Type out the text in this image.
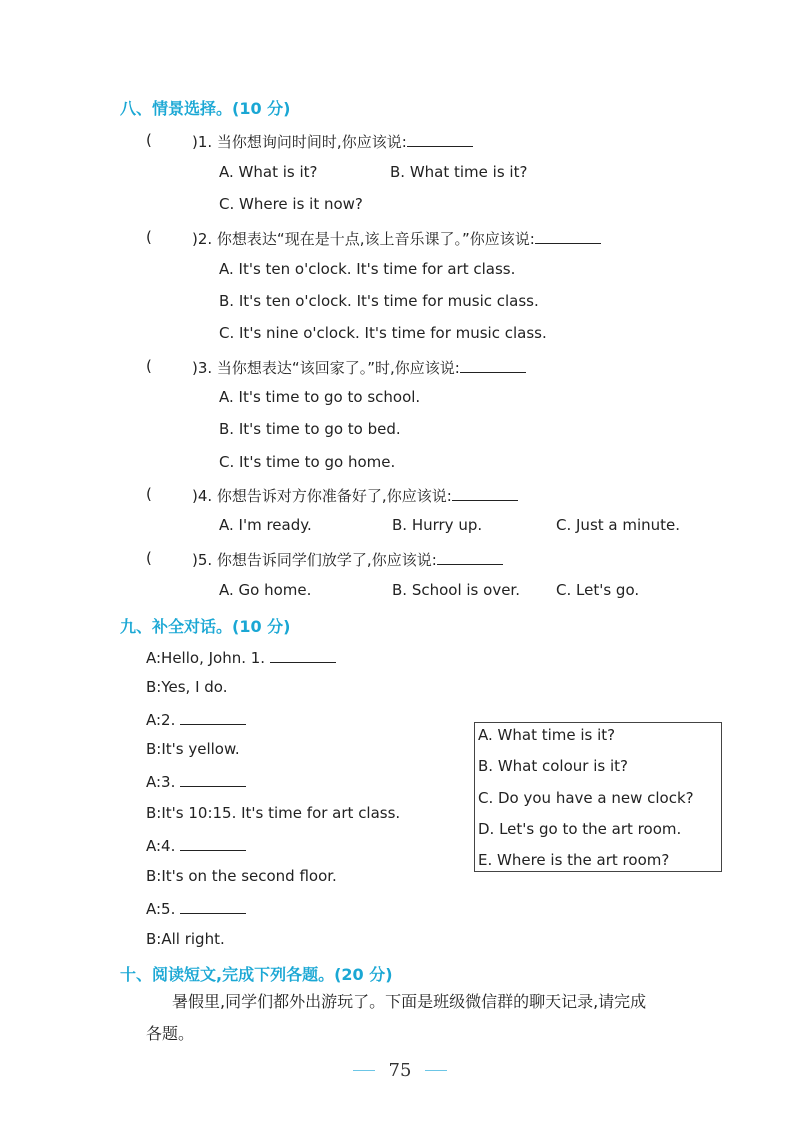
八、情景选择。(10 分)
(	)1. 当你想询问时间时,你应该说:
A. What is it?	B. What time is it?
C. Where is it now?
(	)2. 你想表达“现在是十点,该上音乐课了。”你应该说:
A. It's ten o'clock. It's time for art class.
B. It's ten o'clock. It's time for music class.
C. It's nine o'clock. It's time for music class.
(	)3. 当你想表达“该回家了。”时,你应该说:
A. It's time to go to school.
B. It's time to go to bed.
C. It's time to go home.
(	)4. 你想告诉对方你准备好了,你应该说:
A. I'm ready.	B. Hurry up.	C. Just a minute.
(	)5. 你想告诉同学们放学了,你应该说:
A. Go home.	B. School is over. C. Let's go.
九、补全对话。(10 分)
A:Hello, John. 1.
B:Yes, I do.
A:2.
B:It's yellow.
A:3.
B:It's 10:15. It's time for art class.
A:4.
B:It's on the second floor.
A:5.
B:All right.
A. What time is it?
B. What colour is it?
C. Do you have a new clock?
D. Let's go to the art room.
E. Where is the art room?
十、阅读短文,完成下列各题。(20 分)
暑假里,同学们都外出游玩了。下面是班级微信群的聊天记录,请完成
各题。
75
